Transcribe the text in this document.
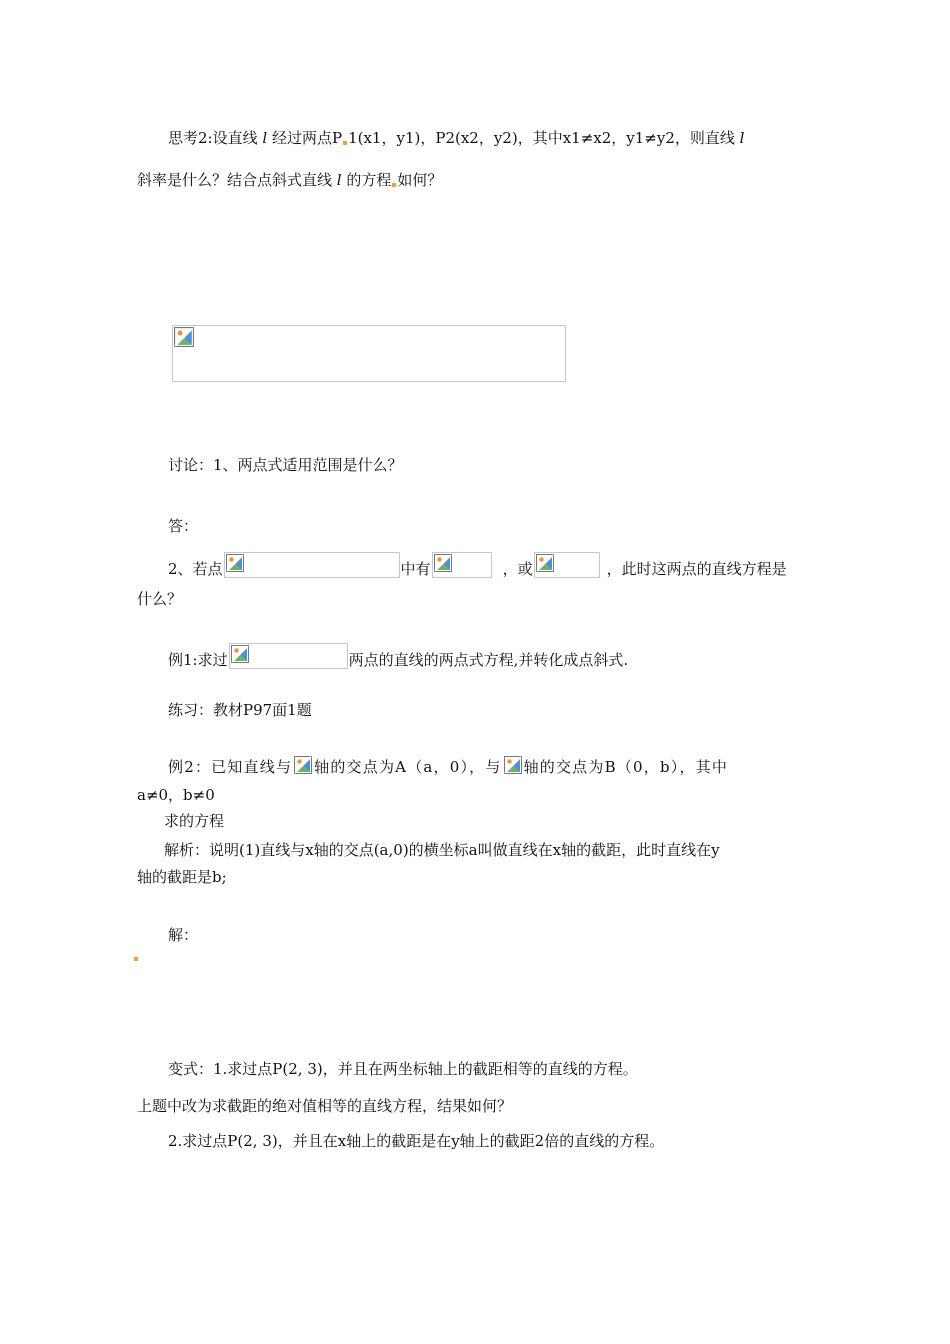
思考2:设直线 l 经过两点P 1(x1，y1)，P2(x2，y2)，其中x1≠x2，y1≠y2，则直线 l
斜率是什么？结合点斜式直线 l 的方程 如何？
讨论：1、两点式适用范围是什么？
答：
2、若点	中有	，或	，此时这两点的直线方程是
什么？
例1:求过	两点的直线的两点式方程,并转化成点斜式.
练习：教材P97面1题
例2：已知直线与 轴的交点为A（a，0），与 轴的交点为B（0，b），其中
a≠0，b≠0
求的方程
解析：说明(1)直线与x轴的交点(a,0)的横坐标a叫做直线在x轴的截距，此时直线在y
轴的截距是b;
解：
变式：1.求过点P(2, 3)，并且在两坐标轴上的截距相等的直线的方程。
上题中改为求截距的绝对值相等的直线方程，结果如何？
2.求过点P(2, 3)，并且在x轴上的截距是在y轴上的截距2倍的直线的方程。
